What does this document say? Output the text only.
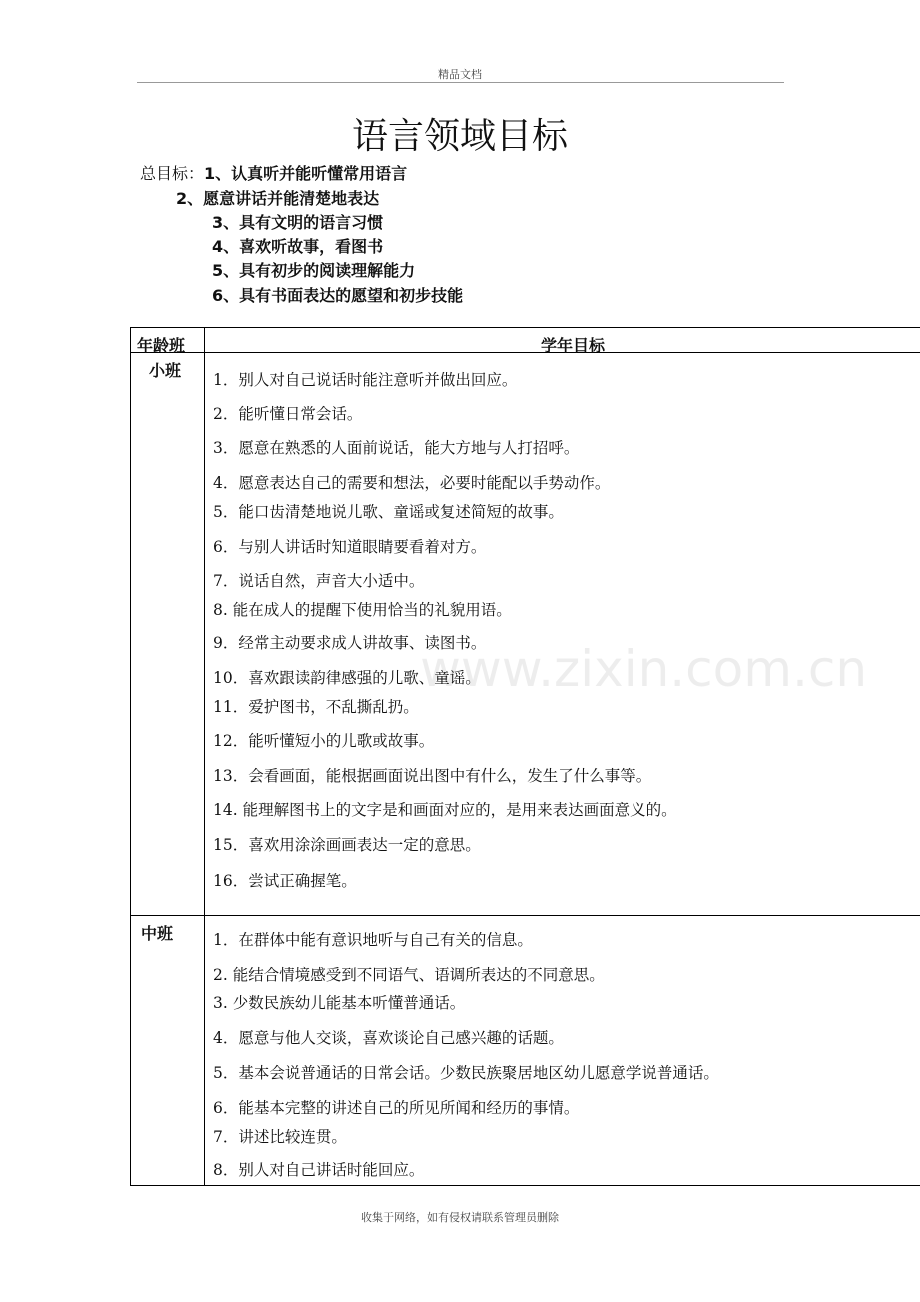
精品文档
语言领域目标
总目标：1、认真听并能听懂常用语言
2、愿意讲话并能清楚地表达
3、具有文明的语言习惯
4、喜欢听故事，看图书
5、具有初步的阅读理解能力
6、具有书面表达的愿望和初步技能
www.zixin.com.cn
年龄班	学年目标
小班
中班
1．别人对自己说话时能注意听并做出回应。
2．能听懂日常会话。
3．愿意在熟悉的人面前说话，能大方地与人打招呼。
4．愿意表达自己的需要和想法，必要时能配以手势动作。
5．能口齿清楚地说儿歌、童谣或复述简短的故事。
6．与别人讲话时知道眼睛要看着对方。
7．说话自然，声音大小适中。
8. 能在成人的提醒下使用恰当的礼貌用语。
9．经常主动要求成人讲故事、读图书。
10．喜欢跟读韵律感强的儿歌、童谣。
11．爱护图书，不乱撕乱扔。
12．能听懂短小的儿歌或故事。
13．会看画面，能根据画面说出图中有什么，发生了什么事等。
14. 能理解图书上的文字是和画面对应的，是用来表达画面意义的。
15．喜欢用涂涂画画表达一定的意思。
16．尝试正确握笔。
1．在群体中能有意识地听与自己有关的信息。
2. 能结合情境感受到不同语气、语调所表达的不同意思。
3. 少数民族幼儿能基本听懂普通话。
4．愿意与他人交谈，喜欢谈论自己感兴趣的话题。
5．基本会说普通话的日常会话。少数民族聚居地区幼儿愿意学说普通话。
6．能基本完整的讲述自己的所见所闻和经历的事情。
7．讲述比较连贯。
8．别人对自己讲话时能回应。
收集于网络，如有侵权请联系管理员删除
